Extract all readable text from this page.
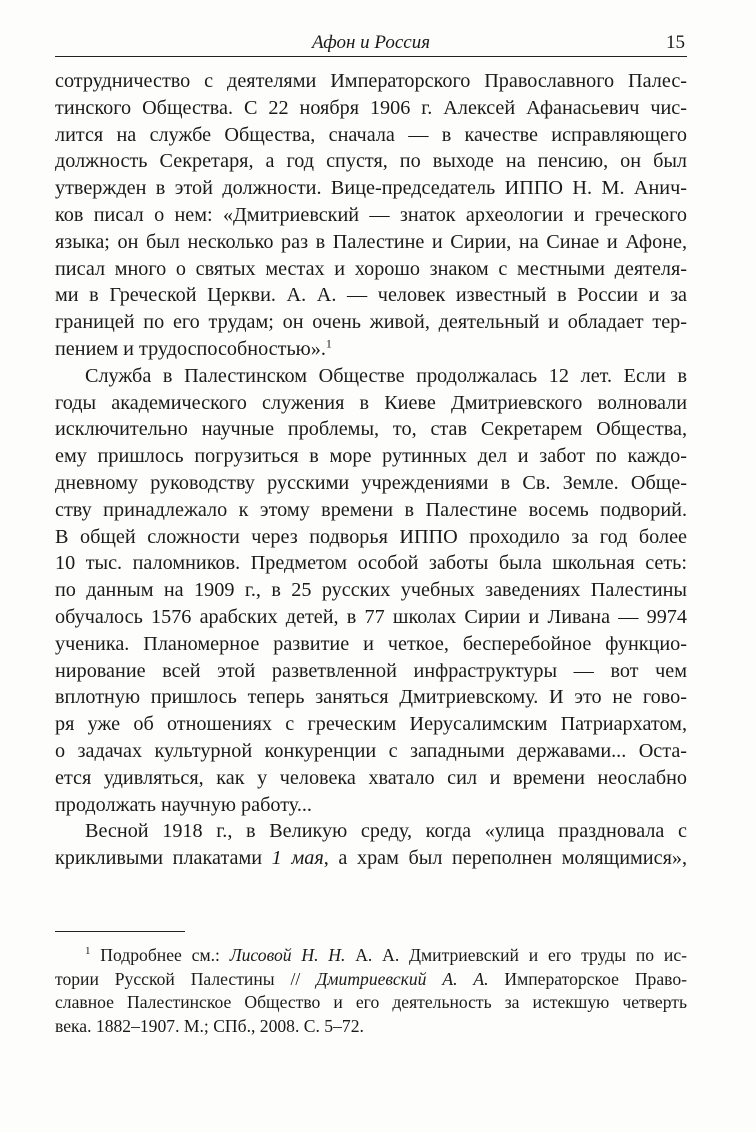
Афон и Россия	15
сотрудничество с деятелями Императорского Православного Палес-
тинского Общества. С 22 ноября 1906 г. Алексей Афанасьевич чис-
лится на службе Общества, сначала — в качестве исправляющего
должность Секретаря, а год спустя, по выходе на пенсию, он был
утвержден в этой должности. Вице-председатель ИППО Н. М. Анич-
ков писал о нем: «Дмитриевский — знаток археологии и греческого
языка; он был несколько раз в Палестине и Сирии, на Синае и Афоне,
писал много о святых местах и хорошо знаком с местными деятеля-
ми в Греческой Церкви. А. А. — человек известный в России и за
границей по его трудам; он очень живой, деятельный и обладает тер-
пением и трудоспособностью».$^1$
Служба в Палестинском Обществе продолжалась 12 лет. Если в
годы академического служения в Киеве Дмитриевского волновали
исключительно научные проблемы, то, став Секретарем Общества,
ему пришлось погрузиться в море рутинных дел и забот по каждо-
дневному руководству русскими учреждениями в Св. Земле. Обще-
ству принадлежало к этому времени в Палестине восемь подворий.
В общей сложности через подворья ИППО проходило за год более
10 тыс. паломников. Предметом особой заботы была школьная сеть:
по данным на 1909 г., в 25 русских учебных заведениях Палестины
обучалось 1576 арабских детей, в 77 школах Сирии и Ливана — 9974
ученика. Планомерное развитие и четкое, бесперебойное функцио-
нирование всей этой разветвленной инфраструктуры — вот чем
вплотную пришлось теперь заняться Дмитриевскому. И это не гово-
ря уже об отношениях с греческим Иерусалимским Патриархатом,
о задачах культурной конкуренции с западными державами... Оста-
ется удивляться, как у человека хватало сил и времени неослабно
продолжать научную работу...
Весной 1918 г., в Великую среду, когда «улица праздновала с
крикливыми плакатами 1 мая, а храм был переполнен молящимися»,
$^1$ Подробнее см.: Лисовой Н. Н. А. А. Дмитриевский и его труды по ис-
тории Русской Палестины // Дмитриевский А. А. Императорское Право-
славное Палестинское Общество и его деятельность за истекшую четверть
века. 1882–1907. М.; СПб., 2008. С. 5–72.
